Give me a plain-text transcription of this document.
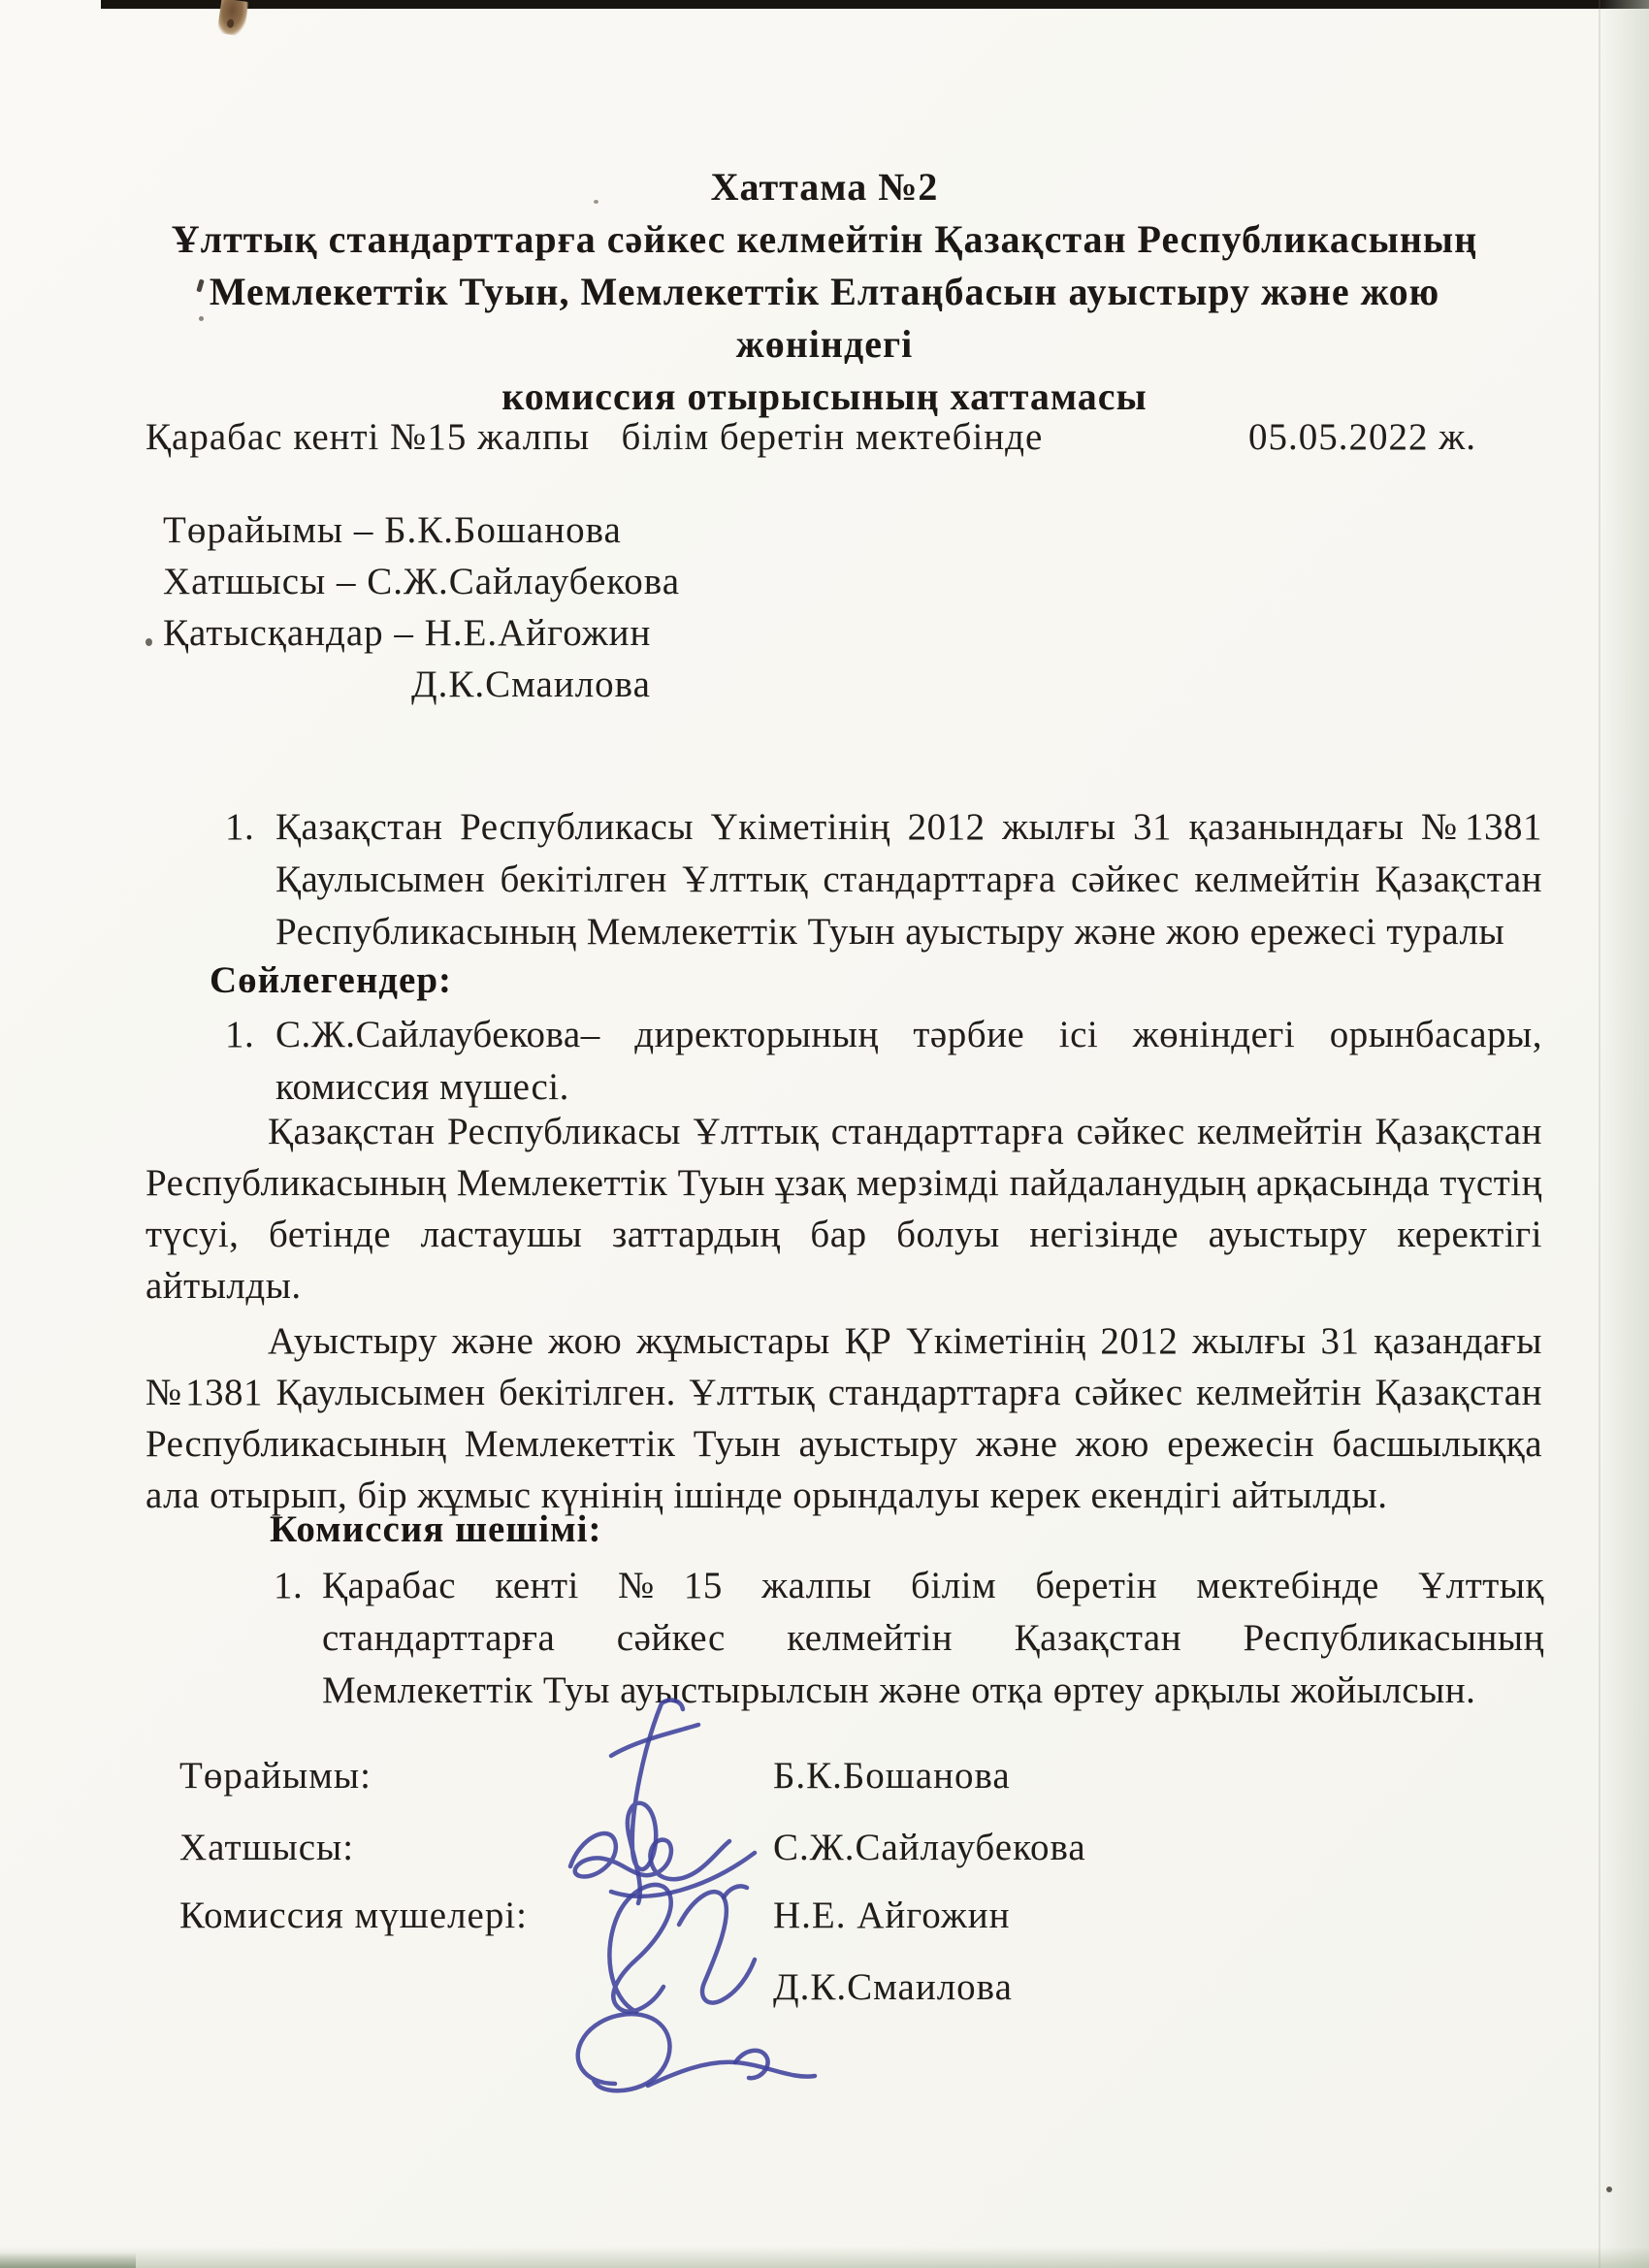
Хаттама №2
Ұлттық стандарттарға сәйкес келмейтін Қазақстан Республикасының
Мемлекеттік Туын, Мемлекеттік Елтаңбасын ауыстыру және жою жөніндегі
комиссия отырысының хаттамасы
Қарабас кенті №15 жалпы   білім беретін мектебінде	05.05.2022 ж.
Төрайымы – Б.К.Бошанова
Хатшысы – С.Ж.Сайлаубекова
Қатысқандар – Н.Е.Айгожин
Д.К.Смаилова
1. Қазақстан Республикасы Үкіметінің 2012 жылғы 31 қазанындағы №1381 Қаулысымен бекітілген Ұлттық стандарттарға сәйкес келмейтін Қазақстан Республикасының Мемлекеттік Туын ауыстыру және жою ережесі туралы
Сөйлегендер:
1. С.Ж.Сайлаубекова– директорының тәрбие ісі жөніндегі орынбасары, комиссия мүшесі.
Қазақстан Республикасы Ұлттық стандарттарға сәйкес келмейтін Қазақстан Республикасының Мемлекеттік Туын ұзақ мерзімді пайдаланудың арқасында түстің түсуі, бетінде ластаушы заттардың бар болуы негізінде ауыстыру керектігі айтылды.
Ауыстыру және жою жұмыстары ҚР Үкіметінің 2012 жылғы 31 қазандағы №1381 Қаулысымен бекітілген. Ұлттық стандарттарға сәйкес келмейтін Қазақстан Республикасының Мемлекеттік Туын ауыстыру және жою ережесін басшылыққа ала отырып, бір жұмыс күнінің ішінде орындалуы керек екендігі айтылды.
Комиссия шешімі:
1. Қарабас кенті №15 жалпы білім беретін мектебінде Ұлттық стандарттарға сәйкес келмейтін Қазақстан Республикасының Мемлекеттік Туы ауыстырылсын және отқа өртеу арқылы жойылсын.
Төрайымы:	Б.К.Бошанова
Хатшысы:	С.Ж.Сайлаубекова
Комиссия мүшелері:	Н.Е. Айгожин
Д.К.Смаилова
